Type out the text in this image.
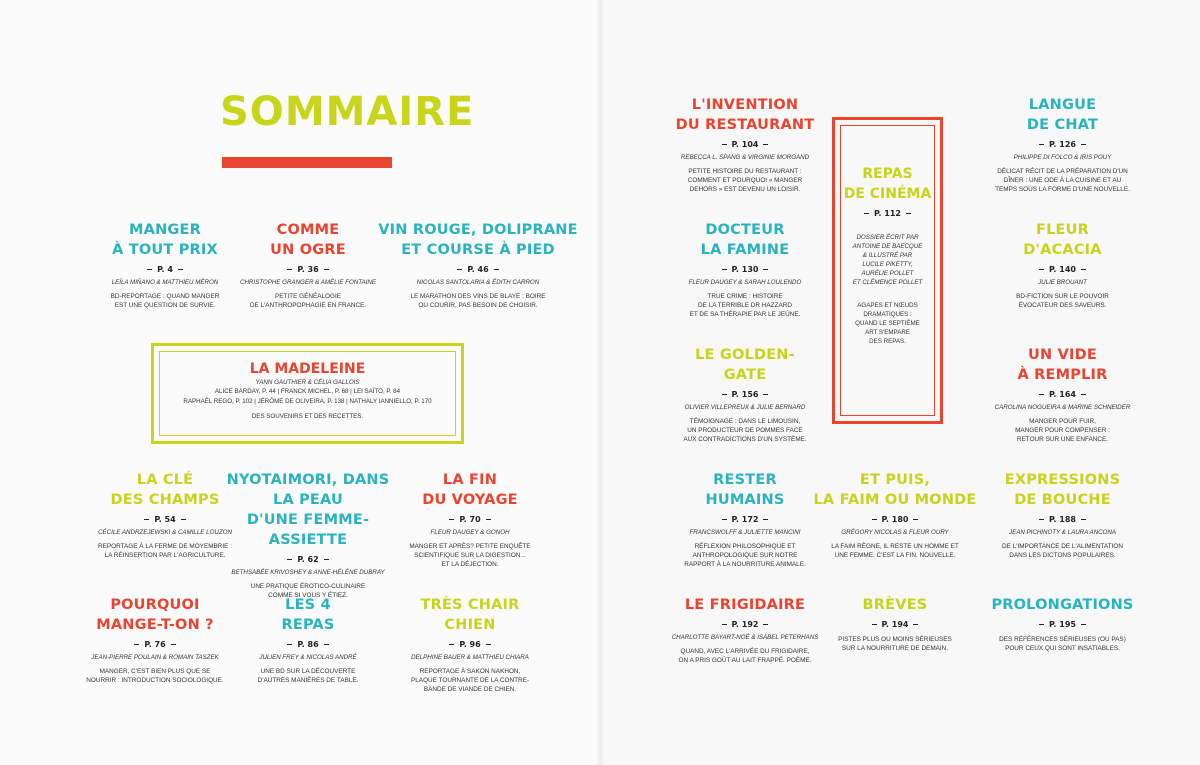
SOMMAIRE
MANGER
À TOUT PRIX
P. 4
LEÏLA MIÑANO & MATTHIEU MÉRON
BD-REPORTAGE : QUAND MANGER
EST UNE QUESTION DE SURVIE.
COMME
UN OGRE
P. 36
CHRISTOPHE GRANGER & AMÉLIE FONTAINE
PETITE GÉNÉALOGIE
DE L'ANTHROPOPHAGIE EN FRANCE.
VIN ROUGE, DOLIPRANE
ET COURSE À PIED
P. 46
NICOLAS SANTOLARIA & ÉDITH CARRON
LE MARATHON DES VINS DE BLAYE : BOIRE
OU COURIR, PAS BESOIN DE CHOISIR.
LA MADELEINE
YANN GAUTHIER & CÉLIA GALLOIS
ALICE BARDAY, P. 44 | FRANCK MICHEL, P. 68 | LEI SAÏTO, P. 84
RAPHAËL REGO, P. 102 | JÉRÔME DE OLIVEIRA, P. 138 | NATHALY IANNIELLO, P. 170
DES SOUVENIRS ET DES RECETTES.
LA CLÉ
DES CHAMPS
P. 54
CÉCILE ANDRZEJEWSKI & CAMILLE LOUZON
REPORTAGE À LA FERME DE MOYEMBRIE :
LA RÉINSERTION PAR L'AGRICULTURE.
NYOTAIMORI, DANS LA PEAU
D'UNE FEMME-ASSIETTE
P. 62
BETHSABÉE KRIVOSHEY & ANNE-HÉLÈNE DUBRAY
UNE PRATIQUE ÉROTICO-CULINAIRE
COMME SI VOUS Y ÉTIEZ.
LA FIN
DU VOYAGE
P. 70
FLEUR DAUGEY & GONOH
MANGER ET APRÈS? PETITE ENQUÊTE
SCIENTIFIQUE SUR LA DIGESTION...
ET LA DÉJECTION.
POURQUOI
MANGE-T-ON ?
P. 76
JEAN-PIERRE POULAIN & ROMAIN TASZEK
MANGER, C'EST BIEN PLUS QUE SE
NOURRIR : INTRODUCTION SOCIOLOGIQUE.
LES 4
REPAS
P. 86
JULIEN FREY & NICOLAS ANDRÉ
UNE BD SUR LA DÉCOUVERTE
D'AUTRES MANIÈRES DE TABLE.
TRÈS CHAIR
CHIEN
P. 96
DELPHINE BAUER & MATTHIEU CHIARA
REPORTAGE À SAKON NAKHON,
PLAQUE TOURNANTE DE LA CONTRE-
BANDE DE VIANDE DE CHIEN.
L'INVENTION
DU RESTAURANT
P. 104
REBECCA L. SPANG & VIRGINIE MORGAND
PETITE HISTOIRE DU RESTAURANT :
COMMENT ET POURQUOI « MANGER
DEHORS » EST DEVENU UN LOISIR.
REPAS
DE CINÉMA
P. 112
DOSSIER ÉCRIT PAR
ANTOINE DE BAECQUE
& ILLUSTRÉ PAR
LUCILE PIKETTY,
AURÉLIE POLLET
ET CLÉMENCE POLLET
AGAPES ET NŒUDS
DRAMATIQUES :
QUAND LE SEPTIÈME
ART S'EMPARE
DES REPAS.
LANGUE
DE CHAT
P. 126
PHILIPPE DI FOLCO & IRIS POUY
DÉLICAT RÉCIT DE LA PRÉPARATION D'UN
DÎNER : UNE ODE À LA CUISINE ET AU
TEMPS SOUS LA FORME D'UNE NOUVELLE.
DOCTEUR
LA FAMINE
P. 130
FLEUR DAUGEY & SARAH LOULENDO
TRUE CRIME : HISTOIRE
DE LA TERRIBLE DR HAZZARD
ET DE SA THÉRAPIE PAR LE JEÛNE.
FLEUR
D'ACACIA
P. 140
JULIE BROUANT
BD-FICTION SUR LE POUVOIR
ÉVOCATEUR DES SAVEURS.
LE GOLDEN-
GATE
P. 156
OLIVIER VILLEPREUX & JULIE BERNARD
TÉMOIGNAGE : DANS LE LIMOUSIN,
UN PRODUCTEUR DE POMMES FACE
AUX CONTRADICTIONS D'UN SYSTÈME.
UN VIDE
À REMPLIR
P. 164
CAROLINA NOGUEIRA & MARINE SCHNEIDER
MANGER POUR FUIR,
MANGER POUR COMPENSER :
RETOUR SUR UNE ENFANCE.
RESTER
HUMAINS
P. 172
FRANCSWOLFF & JULIETTE MANCINI
RÉFLEXION PHILOSOPHIQUE ET
ANTHROPOLOGIQUE SUR NOTRE
RAPPORT À LA NOURRITURE ANIMALE.
ET PUIS,
LA FAIM OU MONDE
P. 180
GRÉGORY NICOLAS & FLEUR OURY
LA FAIM RÈGNE, IL RESTE UN HOMME ET
UNE FEMME. C'EST LA FIN. NOUVELLE.
EXPRESSIONS
DE BOUCHE
P. 188
JEAN PICHINOTY & LAURA ANCONA
DE L'IMPORTANCE DE L'ALIMENTATION
DANS LES DICTONS POPULAIRES.
LE FRIGIDAIRE
P. 192
CHARLOTTE BAYART-NOÉ & ISABEL PETERHANS
QUAND, AVEC L'ARRIVÉE DU FRIGIDAIRE,
ON A PRIS GOÛT AU LAIT FRAPPÉ. POÈME.
BRÈVES
P. 194
PISTES PLUS OU MOINS SÉRIEUSES
SUR LA NOURRITURE DE DEMAIN.
PROLONGATIONS
P. 195
DES RÉFÉRENCES SÉRIEUSES (OU PAS)
POUR CEUX QUI SONT INSATIABLES.
